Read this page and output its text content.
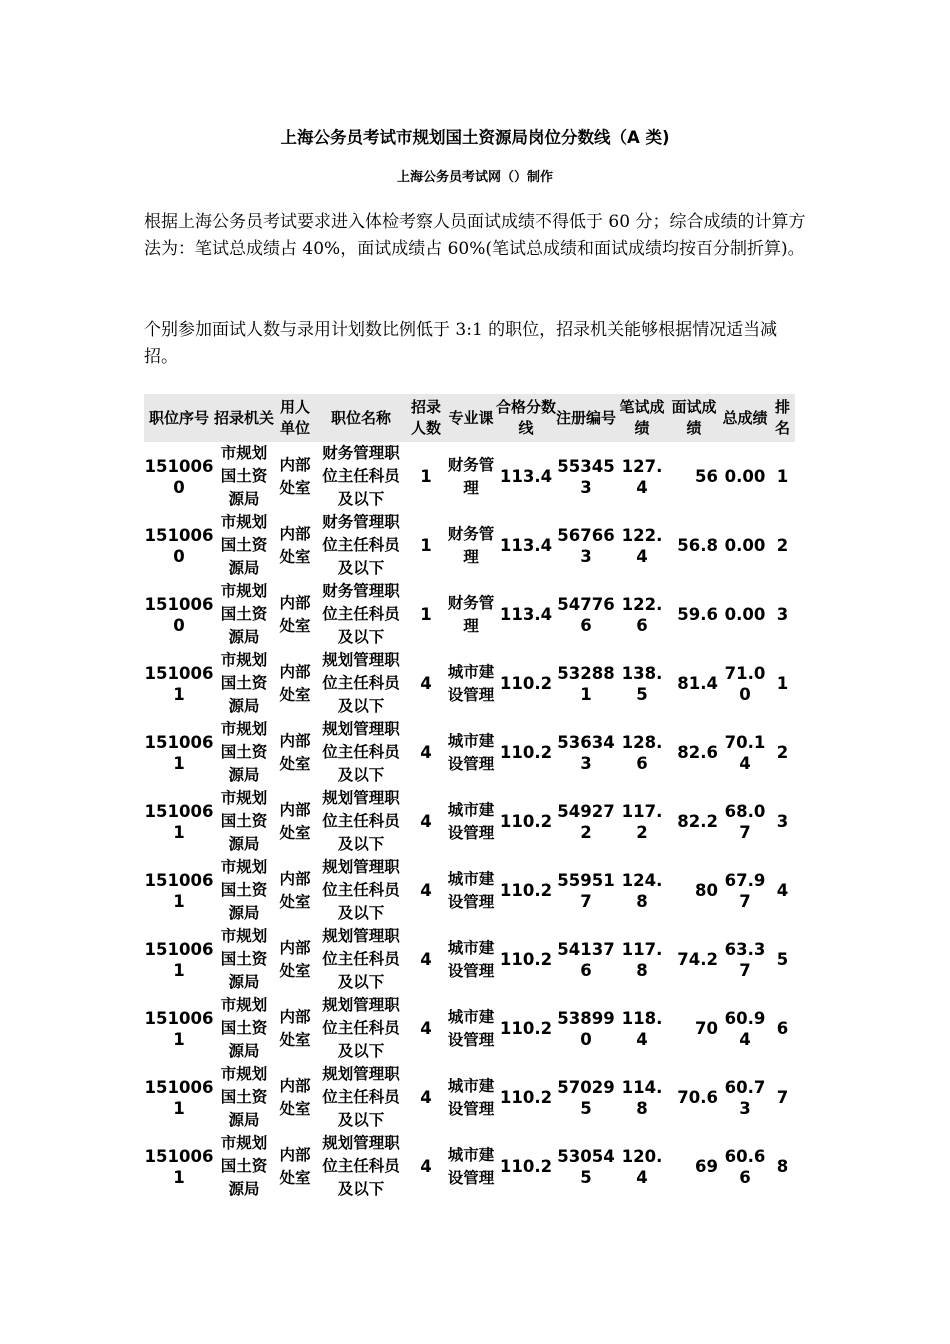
上海公务员考试市规划国土资源局岗位分数线（A 类)
上海公务员考试网（）制作

根据上海公务员考试要求进入体检考察人员面试成绩不得低于 60 分；综合成绩的计算方法为：笔试总成绩占 40%，面试成绩占 60%(笔试总成绩和面试成绩均按百分制折算)。

个别参加面试人数与录用计划数比例低于 3:1 的职位，招录机关能够根据情况适当减招。

职位序号	招录机关	用人单位	职位名称	招录人数	专业课	合格分数线	注册编号	笔试成绩	面试成绩	总成绩	排名
1510060	市规划国土资源局	内部处室	财务管理职位主任科员及以下	1	财务管理	113.4	553453	127.4	56	0.00	1
1510060	市规划国土资源局	内部处室	财务管理职位主任科员及以下	1	财务管理	113.4	567663	122.4	56.8	0.00	2
1510060	市规划国土资源局	内部处室	财务管理职位主任科员及以下	1	财务管理	113.4	547766	122.6	59.6	0.00	3
1510061	市规划国土资源局	内部处室	规划管理职位主任科员及以下	4	城市建设管理	110.2	532881	138.5	81.4	71.00	1
1510061	市规划国土资源局	内部处室	规划管理职位主任科员及以下	4	城市建设管理	110.2	536343	128.6	82.6	70.14	2
1510061	市规划国土资源局	内部处室	规划管理职位主任科员及以下	4	城市建设管理	110.2	549272	117.2	82.2	68.07	3
1510061	市规划国土资源局	内部处室	规划管理职位主任科员及以下	4	城市建设管理	110.2	559517	124.8	80	67.97	4
1510061	市规划国土资源局	内部处室	规划管理职位主任科员及以下	4	城市建设管理	110.2	541376	117.8	74.2	63.37	5
1510061	市规划国土资源局	内部处室	规划管理职位主任科员及以下	4	城市建设管理	110.2	538990	118.4	70	60.94	6
1510061	市规划国土资源局	内部处室	规划管理职位主任科员及以下	4	城市建设管理	110.2	570295	114.8	70.6	60.73	7
1510061	市规划国土资源局	内部处室	规划管理职位主任科员及以下	4	城市建设管理	110.2	530545	120.4	69	60.66	8
